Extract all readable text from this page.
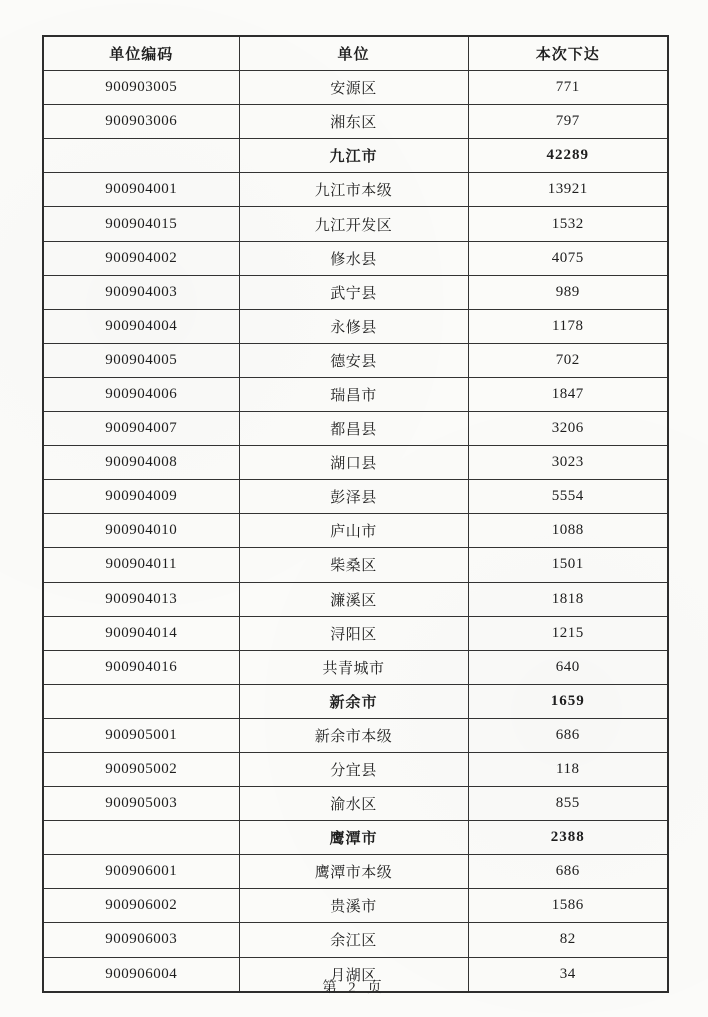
单位编码	单位	本次下达
900903005	安源区	771
900903006	湘东区	797
	九江市	42289
900904001	九江市本级	13921
900904015	九江开发区	1532
900904002	修水县	4075
900904003	武宁县	989
900904004	永修县	1178
900904005	德安县	702
900904006	瑞昌市	1847
900904007	都昌县	3206
900904008	湖口县	3023
900904009	彭泽县	5554
900904010	庐山市	1088
900904011	柴桑区	1501
900904013	濂溪区	1818
900904014	浔阳区	1215
900904016	共青城市	640
	新余市	1659
900905001	新余市本级	686
900905002	分宜县	118
900905003	渝水区	855
	鹰潭市	2388
900906001	鹰潭市本级	686
900906002	贵溪市	1586
900906003	余江区	82
900906004	月湖区	34
第 2 页
